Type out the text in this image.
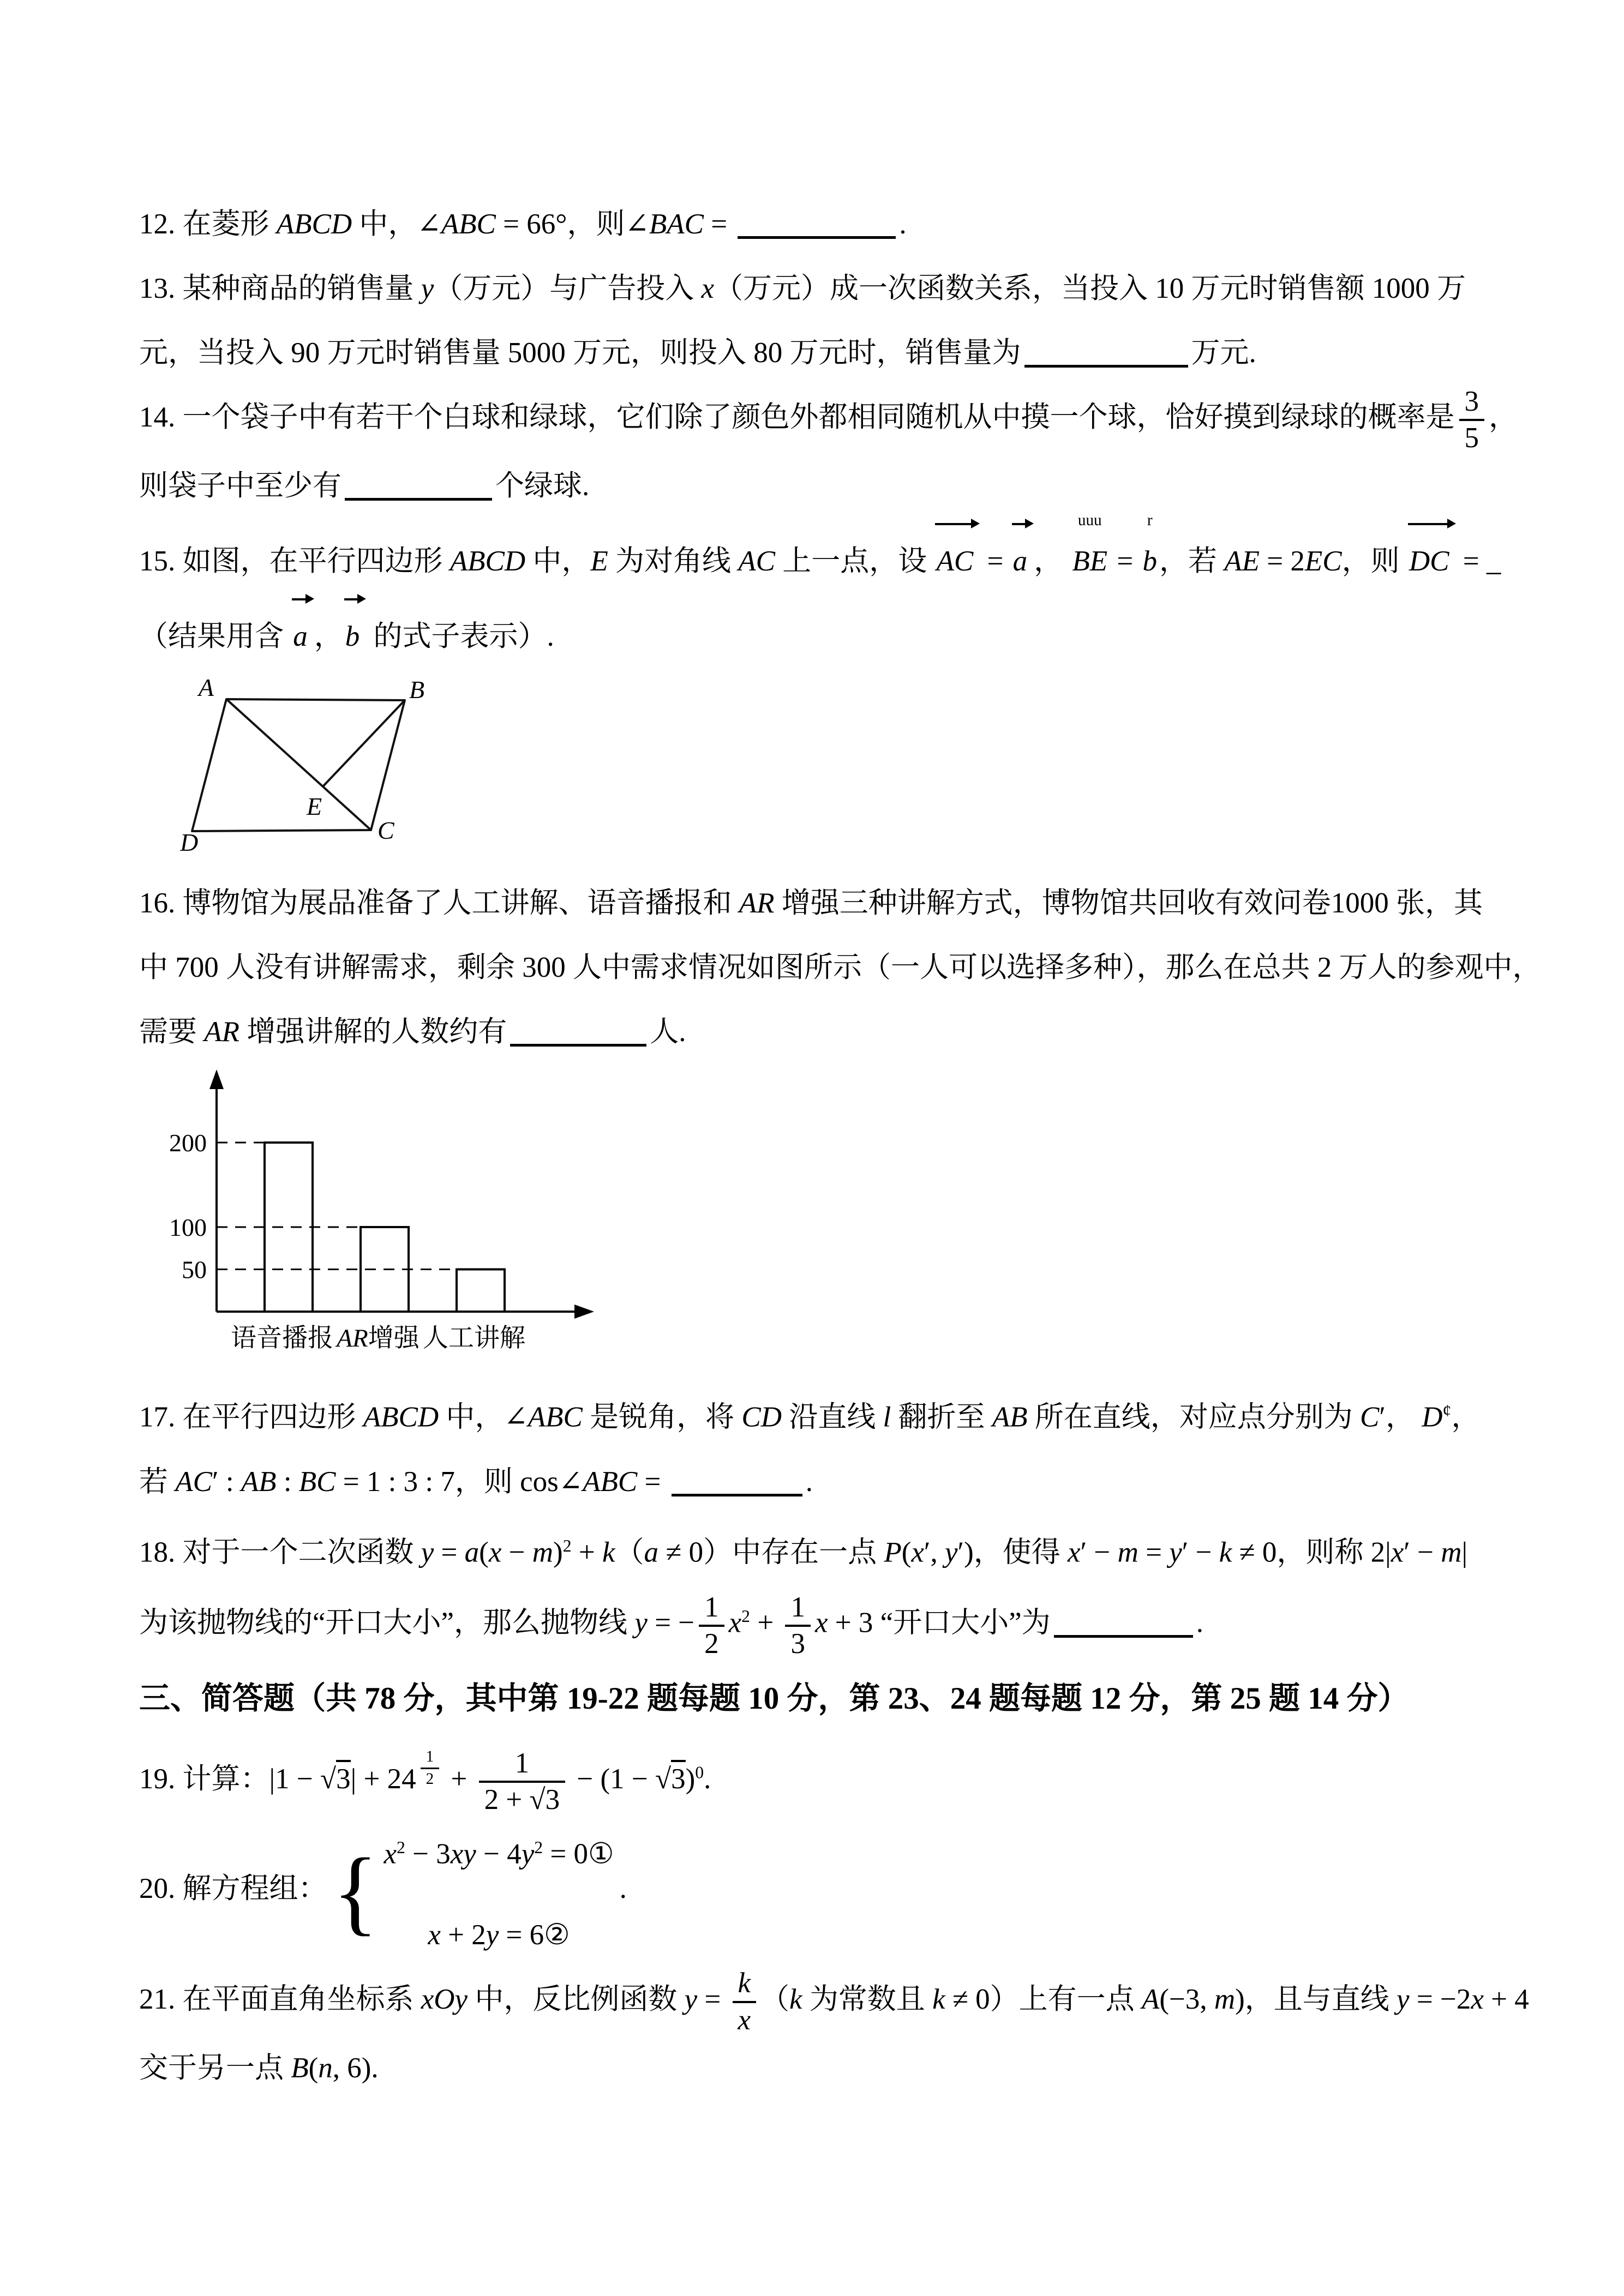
12. 在菱形 ABCD 中，∠ABC = 66°，则∠BAC =	.
13. 某种商品的销售量 y（万元）与广告投入 x（万元）成一次函数关系，当投入 10 万元时销售额 1000 万
元，当投入 90 万元时销售量 5000 万元，则投入 80 万元时，销售量为	万元.
14. 一个袋子中有若干个白球和绿球，它们除了颜色外都相同随机从中摸一个球，恰好摸到绿球的概率是 $\frac{3}{5}$ ，
则袋子中至少有	个绿球.
15. 如图，在平行四边形 ABCD 中，E 为对角线 AC 上一点，设 AC = a ，
uuu
BE =
r
b，若 AE = 2EC，则 DC = _
（结果用含 a ，b 的式子表示）.
A	B
C
D
E
16. 博物馆为展品准备了人工讲解、语音播报和 AR 增强三种讲解方式，博物馆共回收有效问卷1000 张，其
中 700 人没有讲解需求，剩余 300 人中需求情况如图所示（一人可以选择多种），那么在总共 2 万人的参观中，
需要 AR 增强讲解的人数约有	人.
200
语音播报
100
AR增强
50
人工讲解
17. 在平行四边形 ABCD 中，∠ABC 是锐角，将 CD 沿直线 l 翻折至 AB 所在直线，对应点分别为 C′， D¢，
若 AC′ : AB : BC = 1 : 3 : 7，则 cos∠ABC =	.
18. 对于一个二次函数 $y = a(x - m)^2 + k(a \ne 0)$中存在一点 P(x′, y′)，使得 x′ − m = y′ − k ≠ 0，则称 2|x′ − m|
为该抛物线的“开口大小”，那么抛物线 y = − $\frac{1}{2} x^2 + \frac{1}{3}$ x + 3 “开口大小”为	.
三、简答题（共 78 分，其中第 19-22 题每题 10 分，第 23、24 题每题 12 分，第 25 题 14 分）
19. 计算：|1 − √3| + 24 $^{\frac{1}{2}} + \frac{1}{2 + √3} - (1 - √3)^0$.
20. 解方程组： { $x^2 - 3xy - 4y^2$ = 0①
x + 2y = 6②
.
21. 在平面直角坐标系 xOy 中，反比例函数 $y = \frac{k}{x} (k$ 为常数且 k ≠ 0）上有一点 A(−3, m)，且与直线 y = −2x + 4
交于另一点 B(n, 6).
